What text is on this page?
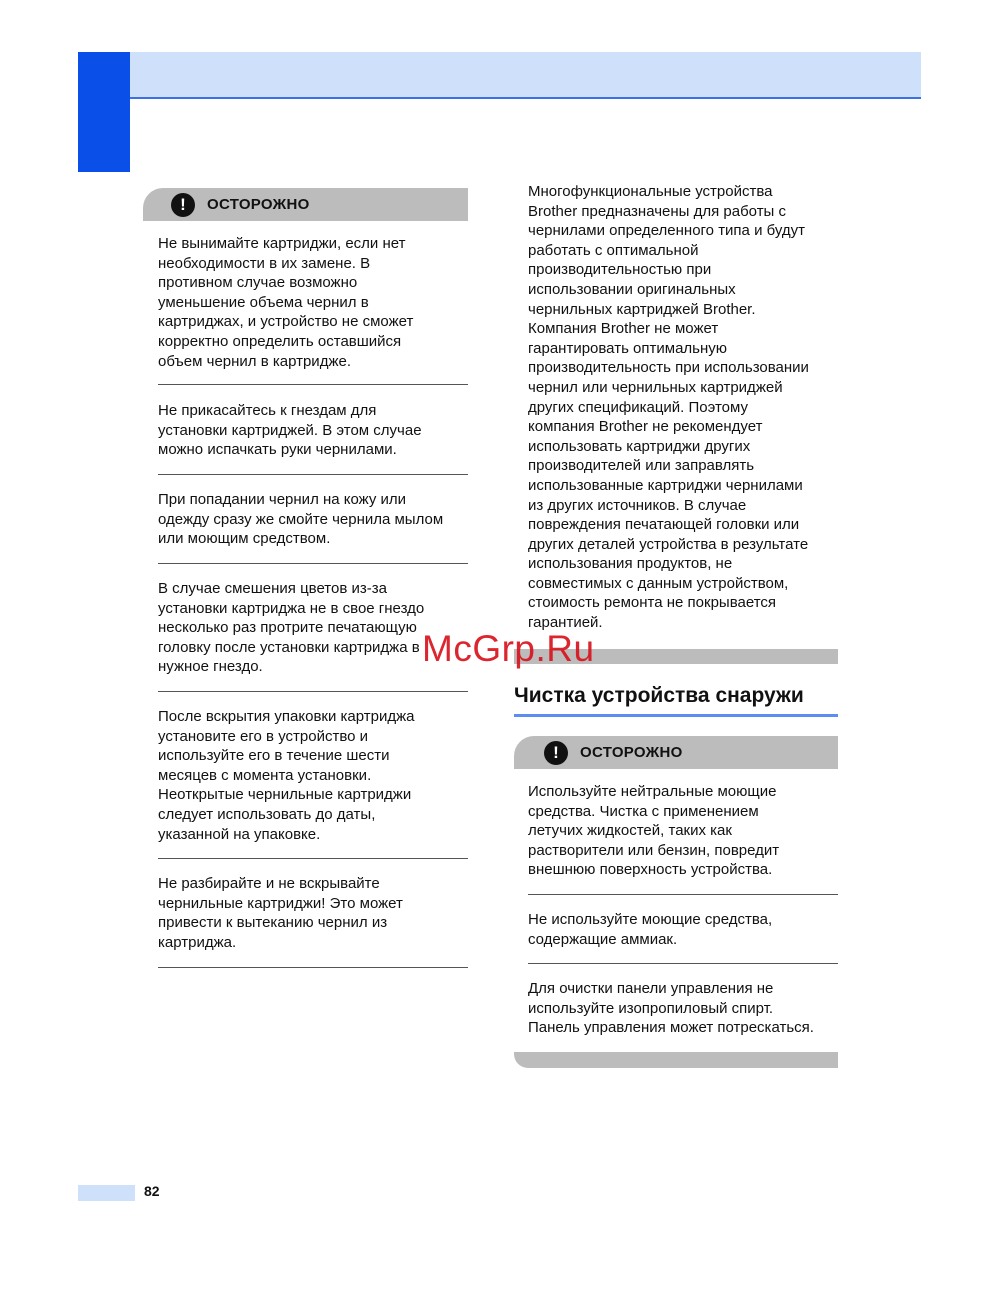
!	ОСТОРОЖНО
Не вынимайте картриджи, если нет
необходимости в их замене. В
противном случае возможно
уменьшение объема чернил в
картриджах, и устройство не сможет
корректно определить оставшийся
объем чернил в картридже.
Не прикасайтесь к гнездам для
установки картриджей. В этом случае
можно испачкать руки чернилами.
При попадании чернил на кожу или
одежду сразу же смойте чернила мылом
или моющим средством.
В случае смешения цветов из-за
установки картриджа не в свое гнездо
несколько раз протрите печатающую
головку после установки картриджа в
нужное гнездо.
После вскрытия упаковки картриджа
установите его в устройство и
используйте его в течение шести
месяцев с момента установки.
Неоткрытые чернильные картриджи
следует использовать до даты,
указанной на упаковке.
Не разбирайте и не вскрывайте
чернильные картриджи! Это может
привести к вытеканию чернил из
картриджа.
Многофункциональные устройства
Brother предназначены для работы с
чернилами определенного типа и будут
работать с оптимальной
производительностью при
использовании оригинальных
чернильных картриджей Brother.
Компания Brother не может
гарантировать оптимальную
производительность при использовании
чернил или чернильных картриджей
других спецификаций. Поэтому
компания Brother не рекомендует
использовать картриджи других
производителей или заправлять
использованные картриджи чернилами
из других источников. В случае
повреждения печатающей головки или
других деталей устройства в результате
использования продуктов, не
совместимых с данным устройством,
стоимость ремонта не покрывается
гарантией.
Чистка устройства снаружи
!	ОСТОРОЖНО
Используйте нейтральные моющие
средства. Чистка с применением
летучих жидкостей, таких как
растворители или бензин, повредит
внешнюю поверхность устройства.
Не используйте моющие средства,
содержащие аммиак.
Для очистки панели управления не
используйте изопропиловый спирт.
Панель управления может потрескаться.
McGrp.Ru
82
